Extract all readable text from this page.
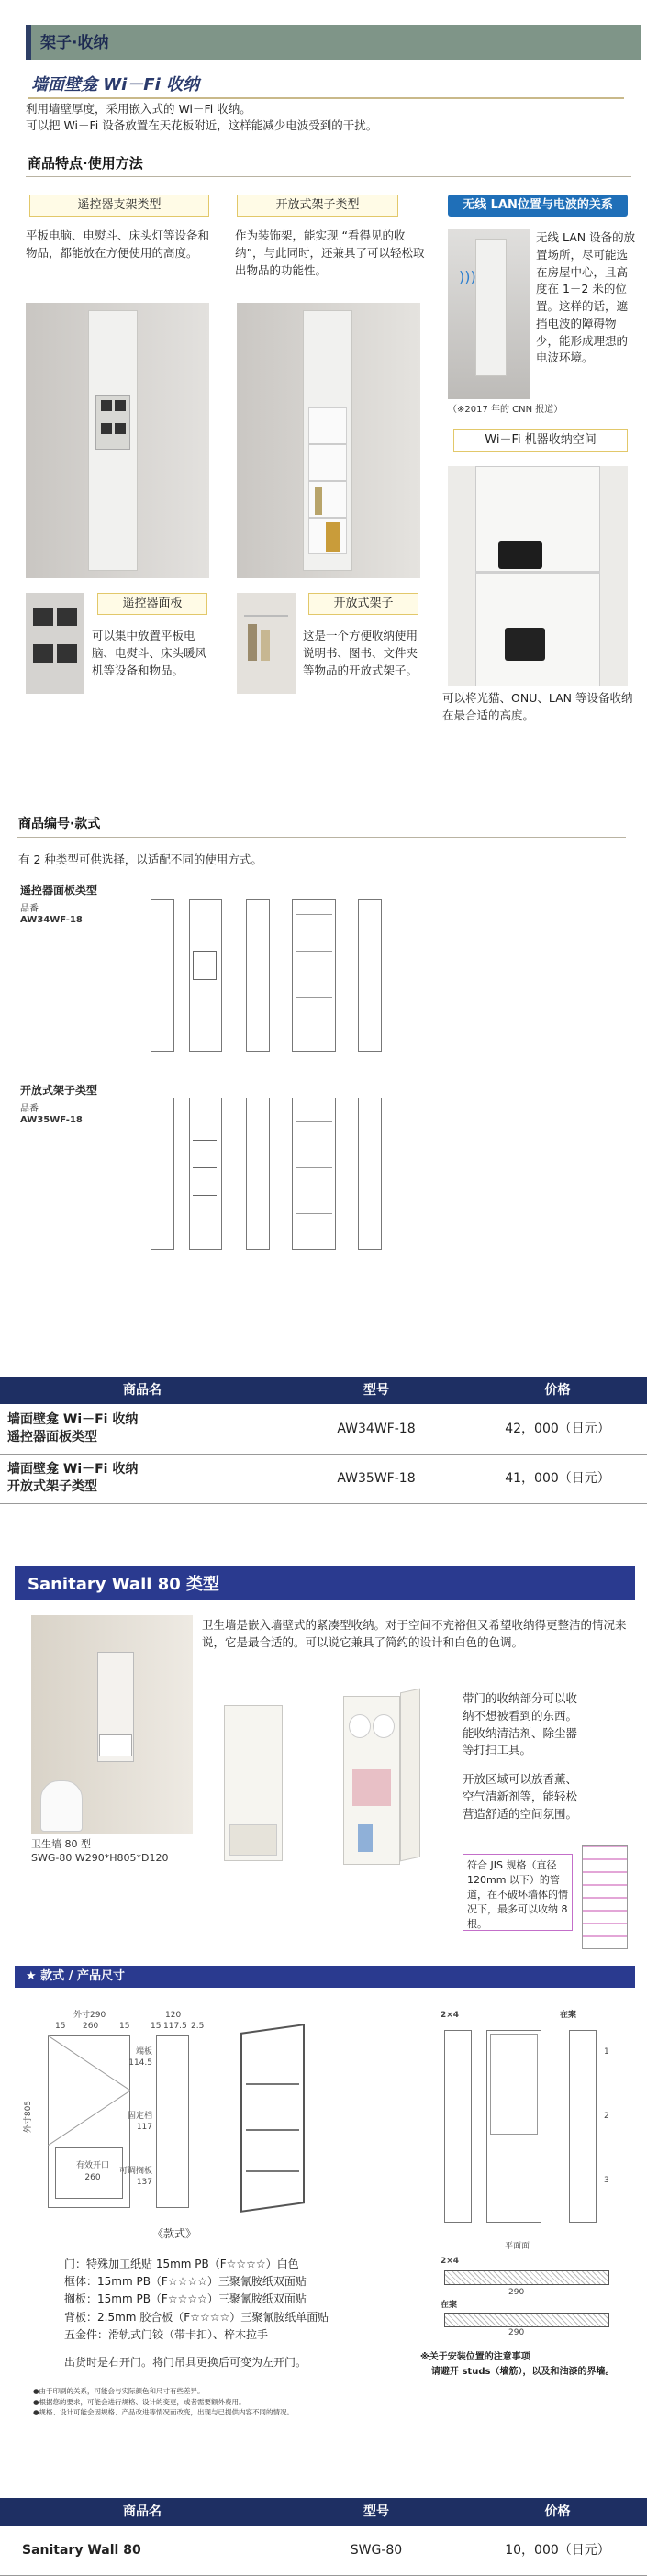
架子·收纳
墙面壁龛 Wi－Fi 收纳
利用墙壁厚度，采用嵌入式的 Wi－Fi 收纳。
可以把 Wi－Fi 设备放置在天花板附近，这样能减少电波受到的干扰。
商品特点·使用方法
遥控器支架类型
平板电脑、电熨斗、床头灯等设备和物品，都能放在方便使用的高度。
开放式架子类型
作为装饰架，能实现 “看得见的收纳”，与此同时，还兼具了可以轻松取出物品的功能性。
无线 LAN位置与电波的关系
)))
无线 LAN 设备的放置场所，尽可能选在房屋中心，且高度在 1－2 米的位置。这样的话，遮挡电波的障碍物少，能形成理想的电波环境。
（※2017 年的 CNN 报道）
Wi－Fi 机器收纳空间
可以将光猫、ONU、LAN 等设备收纳在最合适的高度。
遥控器面板
可以集中放置平板电脑、电熨斗、床头暖风机等设备和物品。
开放式架子
这是一个方便收纳使用说明书、图书、文件夹等物品的开放式架子。
商品编号·款式
有 2 种类型可供选择，以适配不同的使用方式。
遥控器面板类型
品番
AW34WF-18
开放式架子类型
品番
AW35WF-18
商品名	型号	价格

墙面壁龛 Wi－Fi 收纳
遥控器面板类型	AW34WF-18	42，000（日元）

墙面壁龛 Wi－Fi 收纳
开放式架子类型	AW35WF-18	41，000（日元）
Sanitary Wall 80 类型
卫生墙 80 型
SWG-80 W290*H805*D120
卫生墙是嵌入墙壁式的紧凑型收纳。对于空间不充裕但又希望收纳得更整洁的情况来说，它是最合适的。可以说它兼具了简约的设计和白色的色调。
带门的收纳部分可以收纳不想被看到的东西。能收纳清洁剂、除尘器等打扫工具。
开放区域可以放香薰、空气清新剂等，能轻松营造舒适的空间氛围。
符合 JIS 规格（直径 120mm 以下）的管道，在不破坏墙体的情况下，最多可以收纳 8 根。
★ 款式 / 产品尺寸
外寸290
15 260	15
有效开口 260
外寸805
120
15 117.5 2.5
端板
114.5
固定档
117
可调搁板
137
《款式》
门：特殊加工纸贴 15mm PB（F☆☆☆☆）白色
框体：15mm PB（F☆☆☆☆）三聚氰胺纸双面贴
搁板：15mm PB（F☆☆☆☆）三聚氰胺纸双面贴
背板：2.5mm 胶合板（F☆☆☆☆）三聚氰胺纸单面贴
五金件：滑轨式门铰（带卡扣）、梓木拉手
出货时是右开门。将门吊具更换后可变为左开门。
●由于印刷的关系，可能会与实际颜色和尺寸有些差异。
●根据您的要求，可能会进行规格、设计的变更，或者需要额外费用。
●规格、设计可能会因规格、产品改进等情况而改变，出现与已提供内容不同的情况。
2×4	在案
1
2
3
平面面
2×4
290
在案
290
※关于安装位置的注意事项
请避开 studs（墙筋），以及和油漆的界墙。
商品名	型号	价格
Sanitary Wall 80	SWG-80	10，000（日元）
